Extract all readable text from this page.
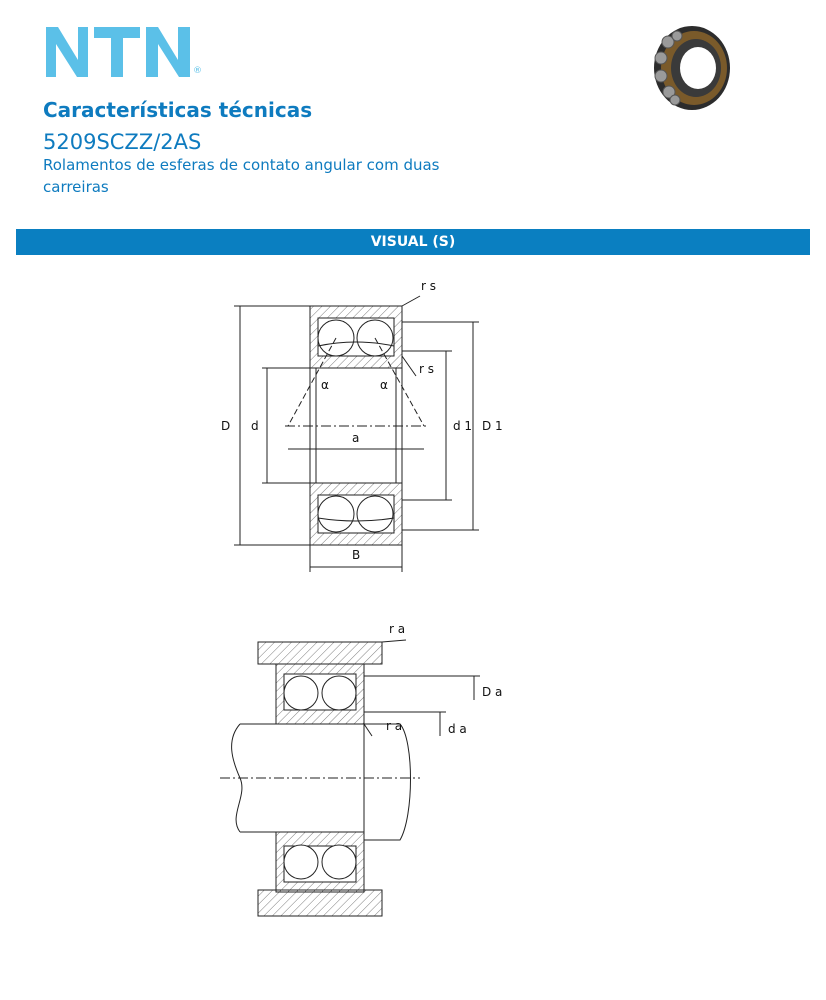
®
Características técnicas
5209SCZZ/2AS
Rolamentos de esferas de contato angular com duas carreiras
VISUAL (S)
r s
r s
α	α
D d
a
d 1 D 1
B
r a
r a
D a
d a
